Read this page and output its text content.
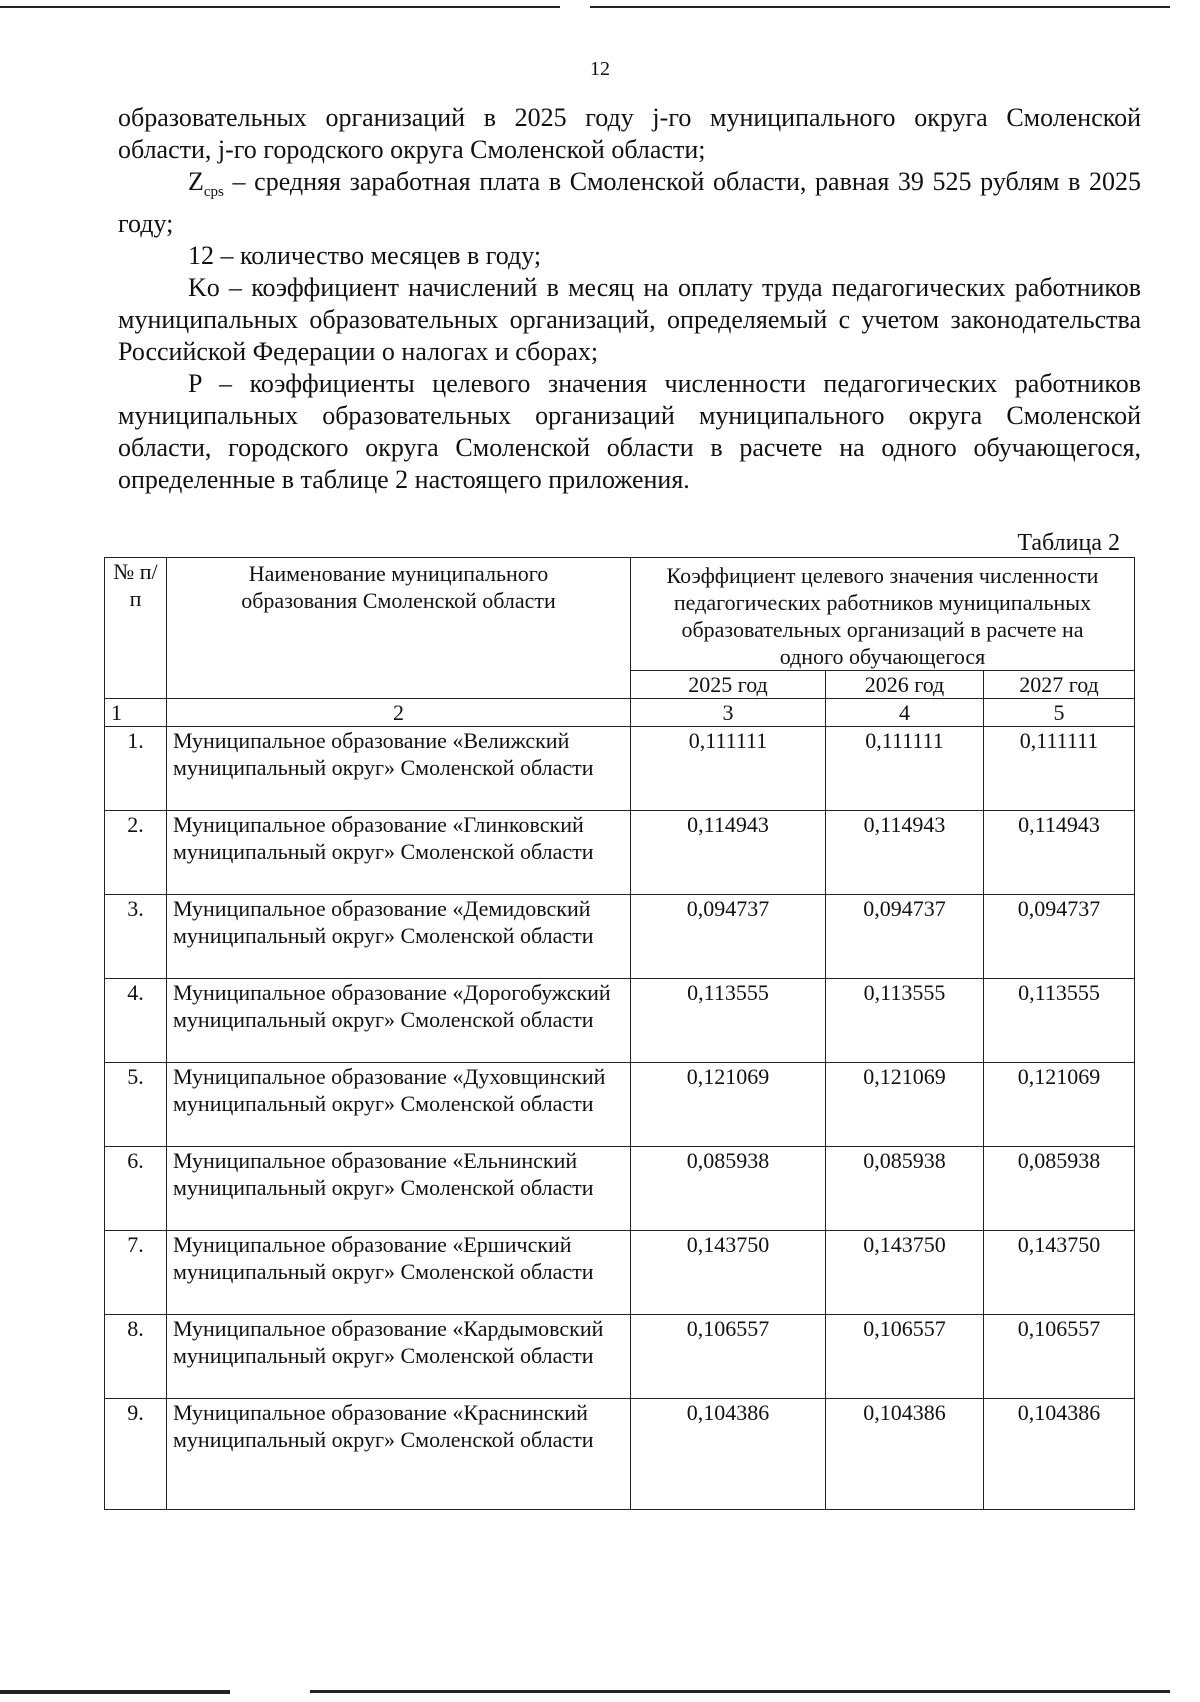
12

образовательных организаций в 2025 году j-го муниципального округа Смоленской области, j-го городского округа Смоленской области;

$Z_{cps}$ – средняя заработная плата в Смоленской области, равная 39 525 рублям в 2025 году;

12 – количество месяцев в году;

Ko – коэффициент начислений в месяц на оплату труда педагогических работников муниципальных образовательных организаций, определяемый с учетом законодательства Российской Федерации о налогах и сборах;

P – коэффициенты целевого значения численности педагогических работников муниципальных образовательных организаций муниципального округа Смоленской области, городского округа Смоленской области в расчете на одного обучающегося, определенные в таблице 2 настоящего приложения.

Таблица 2
№ п/п	Наименование муниципального образования Смоленской области	Коэффициент целевого значения численности педагогических работников муниципальных образовательных организаций в расчете на одного обучающегося		
		2025 год	2026 год	2027 год
1	2	3	4	5
1.	Муниципальное образование «Велижский муниципальный округ» Смоленской области	0,111111	0,111111	0,111111
2.	Муниципальное образование «Глинковский муниципальный округ» Смоленской области	0,114943	0,114943	0,114943
3.	Муниципальное образование «Демидовский муниципальный округ» Смоленской области	0,094737	0,094737	0,094737
4.	Муниципальное образование «Дорогобужский муниципальный округ» Смоленской области	0,113555	0,113555	0,113555
5.	Муниципальное образование «Духовщинский муниципальный округ» Смоленской области	0,121069	0,121069	0,121069
6.	Муниципальное образование «Ельнинский муниципальный округ» Смоленской области	0,085938	0,085938	0,085938
7.	Муниципальное образование «Ершичский муниципальный округ» Смоленской области	0,143750	0,143750	0,143750
8.	Муниципальное образование «Кардымовский муниципальный округ» Смоленской области	0,106557	0,106557	0,106557
9.	Муниципальное образование «Краснинский муниципальный округ» Смоленской области	0,104386	0,104386	0,104386
